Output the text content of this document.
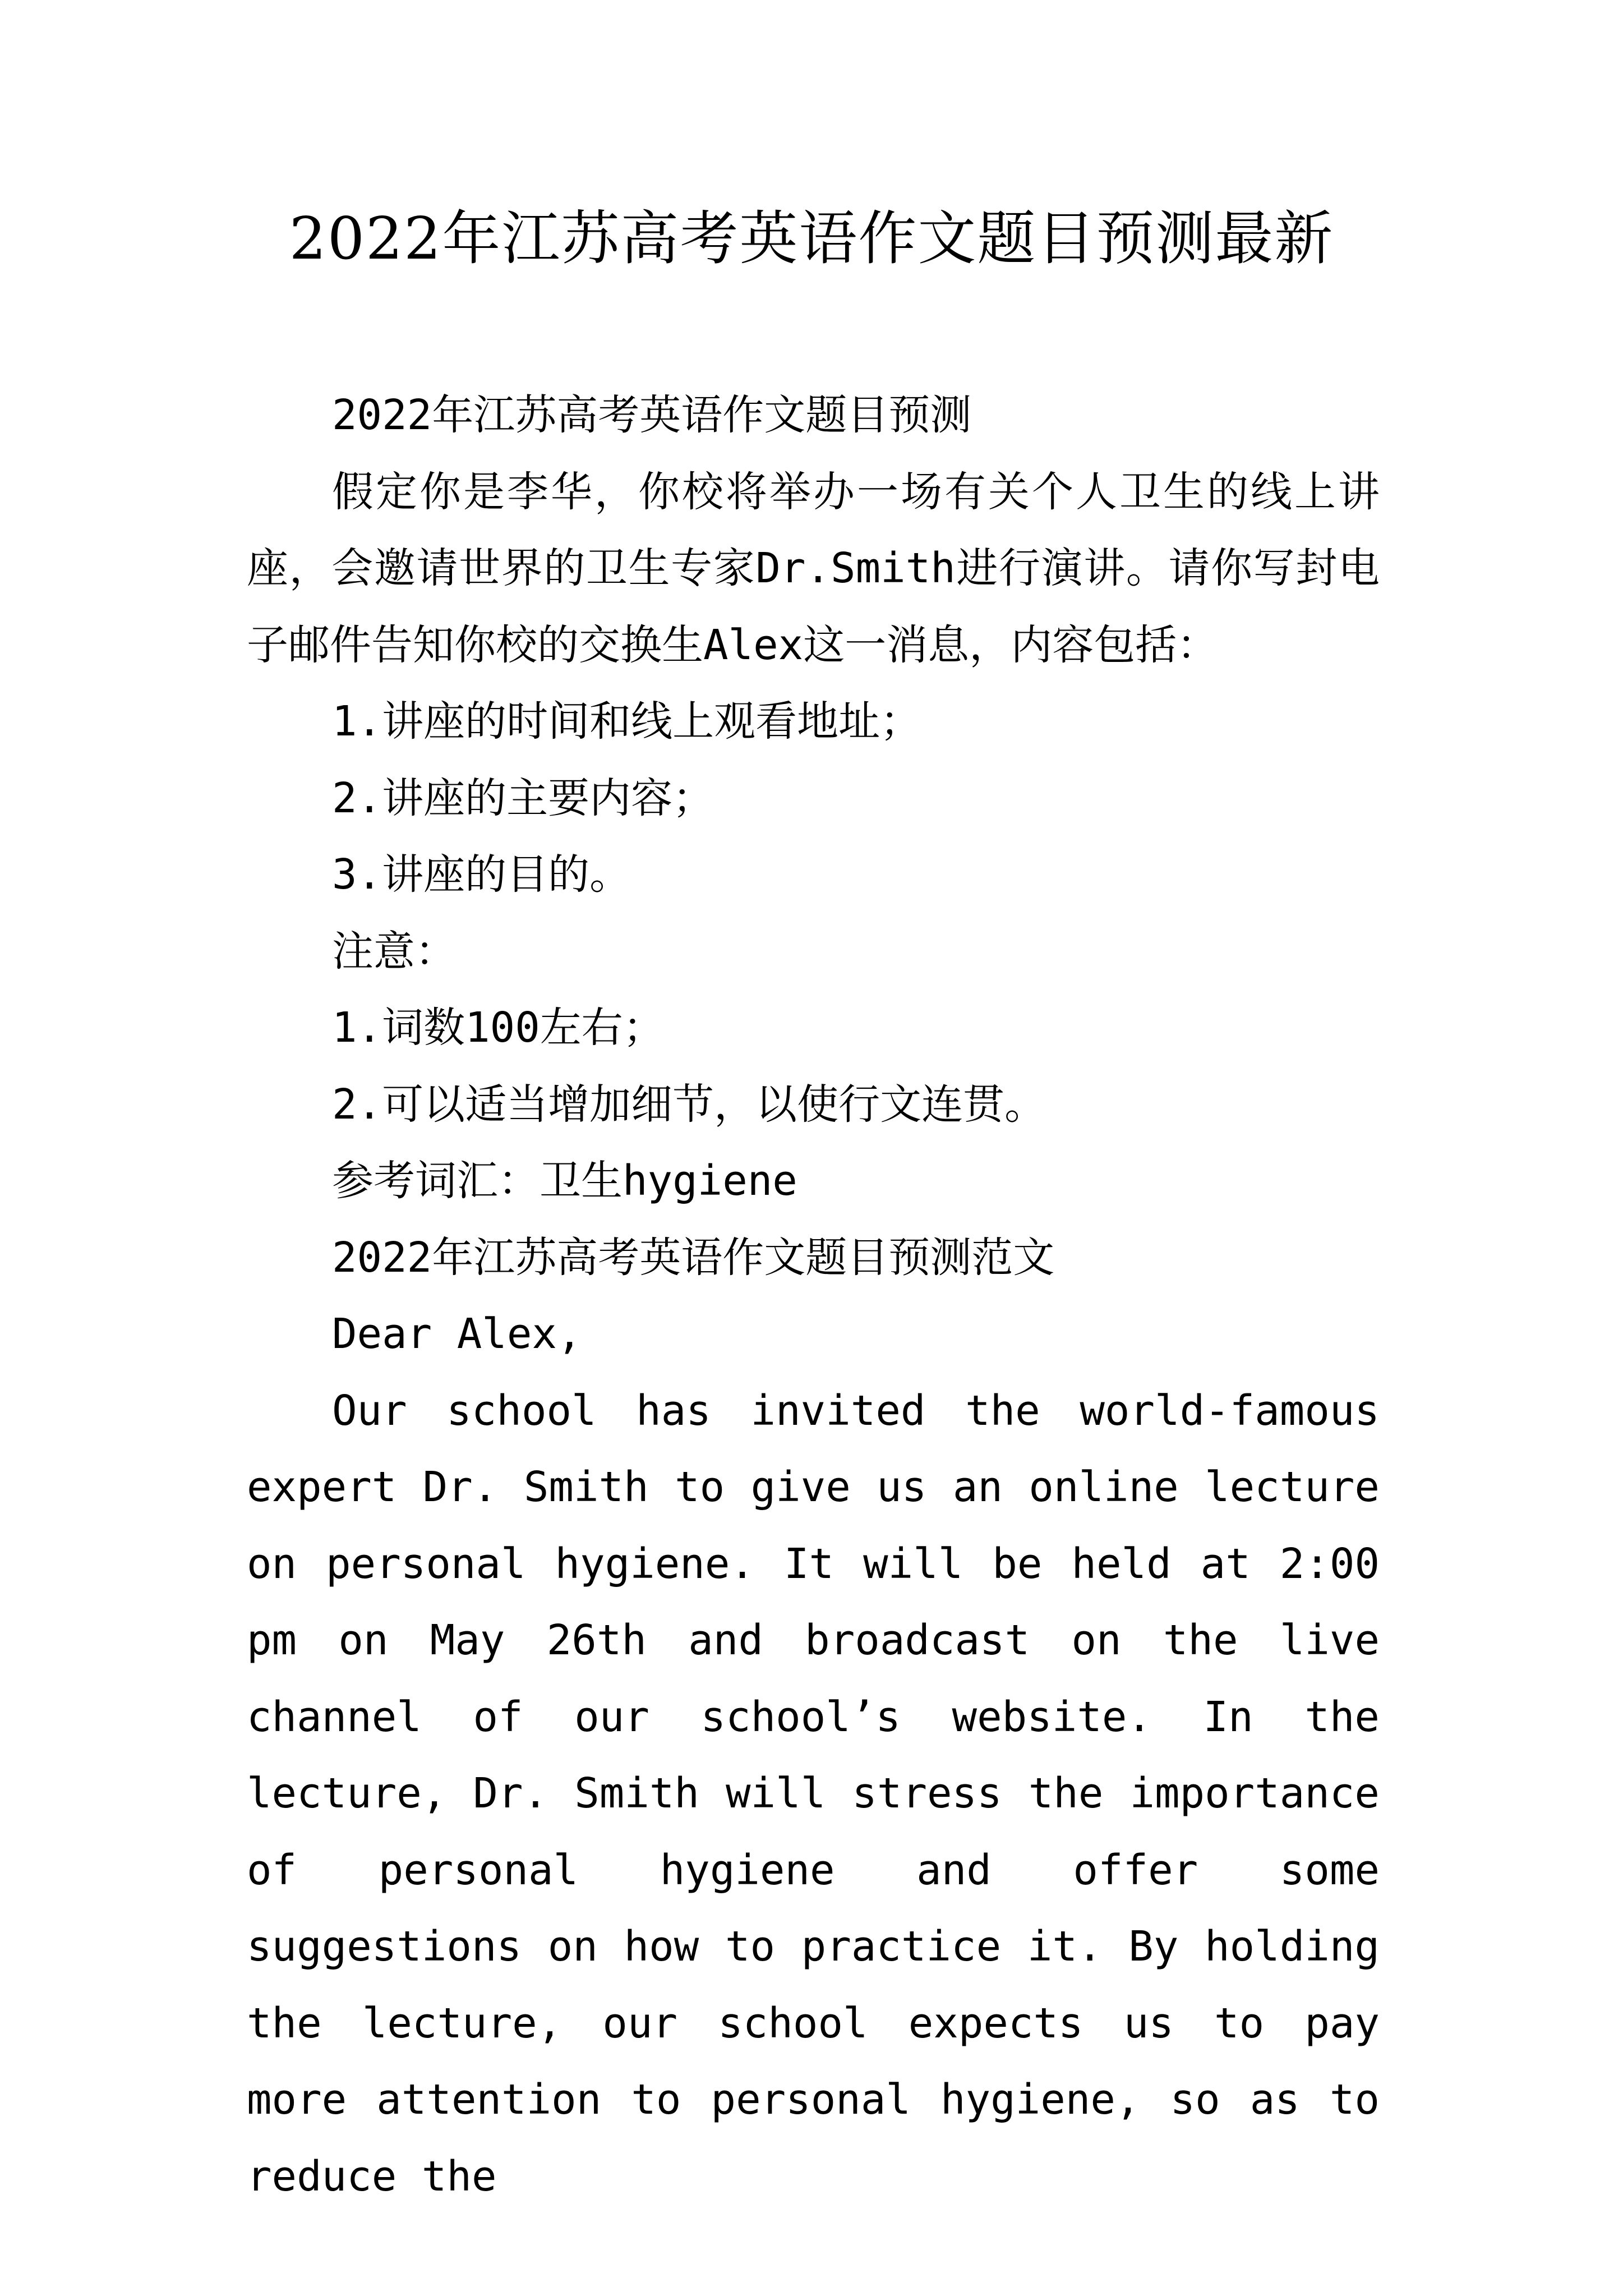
2022年江苏高考英语作文题目预测最新

2022年江苏高考英语作文题目预测

假定你是李华，你校将举办一场有关个人卫生的线上讲座，会邀请世界的卫生专家Dr.Smith进行演讲。请你写封电子邮件告知你校的交换生Alex这一消息，内容包括：

1.讲座的时间和线上观看地址；

2.讲座的主要内容；

3.讲座的目的。

注意：

1.词数100左右；

2.可以适当增加细节，以使行文连贯。

参考词汇：卫生hygiene

2022年江苏高考英语作文题目预测范文

Dear Alex,

Our school has invited the world-famous expert Dr. Smith to give us an online lecture on personal hygiene. It will be held at 2:00 pm on May 26th and broadcast on the live channel of our school’s website. In the lecture, Dr. Smith will stress the importance of personal hygiene and offer some suggestions on how to practice it. By holding the lecture, our school expects us to pay more attention to personal hygiene, so as to reduce the
